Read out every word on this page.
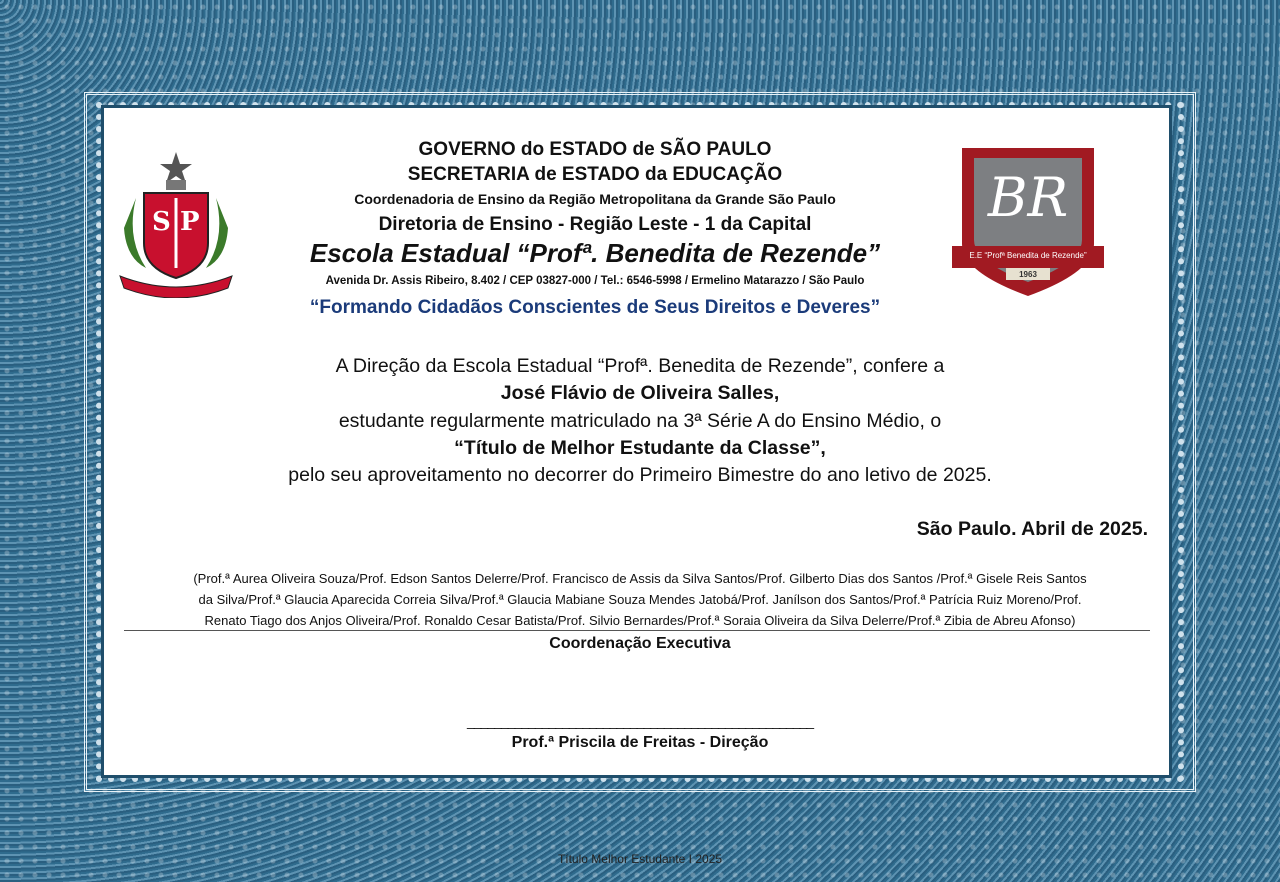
S P	BR
E.E “Profª Benedita de Rezende”
1963
GOVERNO do ESTADO de SÃO PAULO
SECRETARIA de ESTADO da EDUCAÇÃO
Coordenadoria de Ensino da Região Metropolitana da Grande São Paulo
Diretoria de Ensino - Região Leste - 1 da Capital
Escola Estadual “Profª. Benedita de Rezende”
Avenida Dr. Assis Ribeiro, 8.402 / CEP 03827-000 / Tel.: 6546-5998 / Ermelino Matarazzo / São Paulo
“Formando Cidadãos Conscientes de Seus Direitos e Deveres”
A Direção da Escola Estadual “Profª. Benedita de Rezende”, confere a
José Flávio de Oliveira Salles,
estudante regularmente matriculado na 3ª Série A do Ensino Médio, o
“Título de Melhor Estudante da Classe”,
pelo seu aproveitamento no decorrer do Primeiro Bimestre do ano letivo de 2025.
São Paulo. Abril de 2025.
(Prof.ª Aurea Oliveira Souza/Prof. Edson Santos Delerre/Prof. Francisco de Assis da Silva Santos/Prof. Gilberto Dias dos Santos /Prof.ª Gisele Reis Santos
da Silva/Prof.ª Glaucia Aparecida Correia Silva/Prof.ª Glaucia Mabiane Souza Mendes Jatobá/Prof. Janílson dos Santos/Prof.ª Patrícia Ruiz Moreno/Prof.
Renato Tiago dos Anjos Oliveira/Prof. Ronaldo Cesar Batista/Prof. Silvio Bernardes/Prof.ª Soraia Oliveira da Silva Delerre/Prof.ª Zibia de Abreu Afonso)
Coordenação Executiva
___________________________________________________
Prof.ª Priscila de Freitas - Direção
Título Melhor Estudante I 2025
